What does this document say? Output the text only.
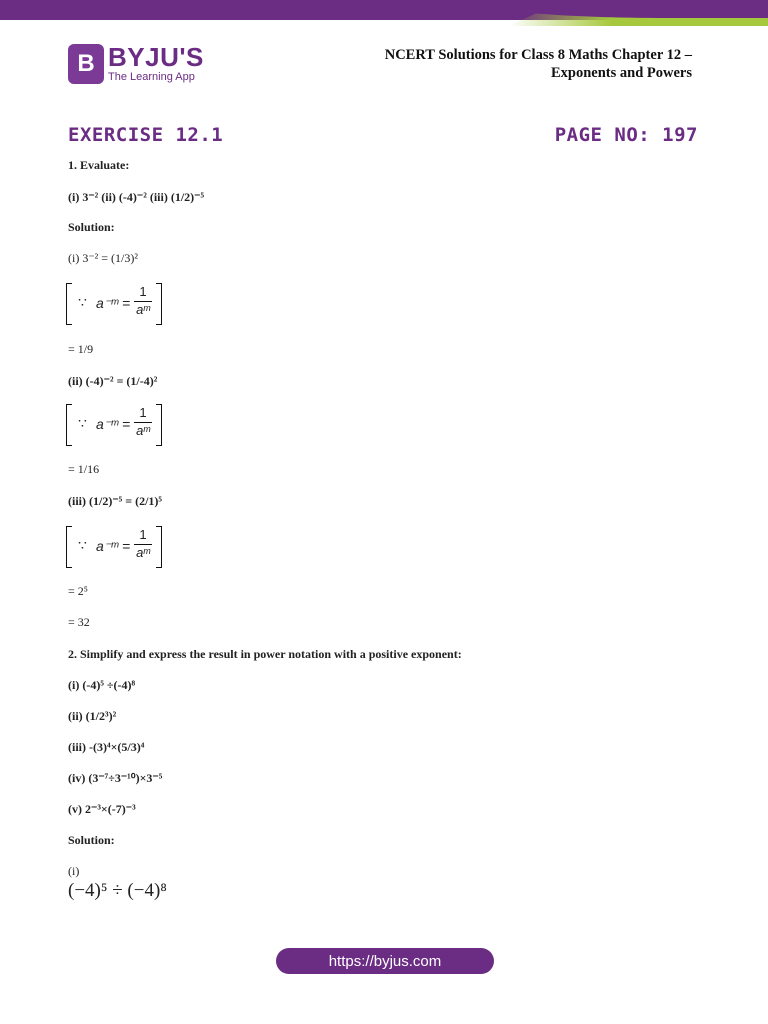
B BYJU'S
The Learning App
NCERT Solutions for Class 8 Maths Chapter 12 –
Exponents and Powers
EXERCISE 12.1	PAGE NO: 197
1. Evaluate:
(i) 3⁻² (ii) (-4)⁻² (iii) (1/2)⁻⁵
Solution:
(i) 3⁻² = (1/3)²
∵ a⁻ᵐ =
1
aᵐ
= 1/9
(ii) (-4)⁻² = (1/-4)²
∵ a⁻ᵐ =
1
aᵐ
= 1/16
(iii) (1/2)⁻⁵ = (2/1)⁵
∵ a⁻ᵐ =
1
aᵐ
= 2⁵
= 32
2. Simplify and express the result in power notation with a positive exponent:
(i) (-4)⁵ ÷(-4)⁸
(ii) (1/2³)²
(iii) -(3)⁴×(5/3)⁴
(iv) (3⁻⁷÷3⁻¹⁰)×3⁻⁵
(v) 2⁻³×(-7)⁻³
Solution:
(i)
(−4)⁵ ÷ (−4)⁸
https://byjus.com
